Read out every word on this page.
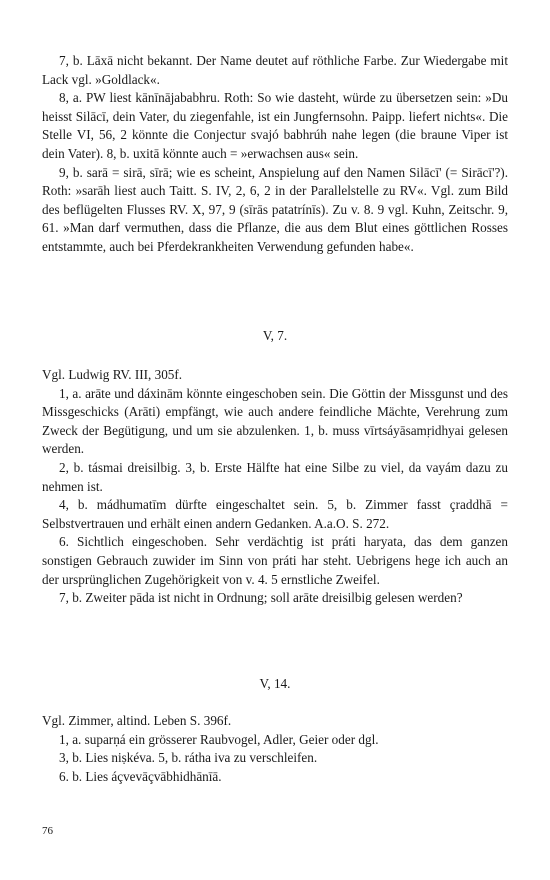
7, b. Lāxā nicht bekannt. Der Name deutet auf röthliche Farbe. Zur Wiedergabe mit Lack vgl. »Goldlack«.

8, a. PW liest kānīnājababhru. Roth: So wie dasteht, würde zu übersetzen sein: »Du heisst Silācī, dein Vater, du ziegenfahle, ist ein Jungfernsohn. Paipp. liefert nichts«. Die Stelle VI, 56, 2 könnte die Conjectur svajó babhrúh nahe legen (die braune Viper ist dein Vater). 8, b. uxitā könnte auch = »erwachsen aus« sein.

9, b. sarā = sirā, sīrā; wie es scheint, Anspielung auf den Namen Silācī' (= Sirācī'?). Roth: »sarāh liest auch Taitt. S. IV, 2, 6, 2 in der Parallelstelle zu RV«. Vgl. zum Bild des beflügelten Flusses RV. X, 97, 9 (sīrās patatrínīs). Zu v. 8. 9 vgl. Kuhn, Zeitschr. 9, 61. »Man darf vermuthen, dass die Pflanze, die aus dem Blut eines göttlichen Rosses entstammte, auch bei Pferdekrankheiten Verwendung gefunden habe«.

V, 7.

Vgl. Ludwig RV. III, 305f.

1, a. arāte und dáxinām könnte eingeschoben sein. Die Göttin der Missgunst und des Missgeschicks (Arāti) empfängt, wie auch andere feindliche Mächte, Verehrung zum Zweck der Begütigung, und um sie abzulenken. 1, b. muss vīrtsáyāsamṛidhyai gelesen werden.

2, b. tásmai dreisilbig. 3, b. Erste Hälfte hat eine Silbe zu viel, da vayám dazu zu nehmen ist.

4, b. mádhumatīm dürfte eingeschaltet sein. 5, b. Zimmer fasst çraddhā = Selbstvertrauen und erhält einen andern Gedanken. A.a.O. S. 272.

6. Sichtlich eingeschoben. Sehr verdächtig ist práti haryata, das dem ganzen sonstigen Gebrauch zuwider im Sinn von práti har steht. Uebrigens hege ich auch an der ursprünglichen Zugehörigkeit von v. 4. 5 ernstliche Zweifel.

7, b. Zweiter pāda ist nicht in Ordnung; soll arāte dreisilbig gelesen werden?

V, 14.

Vgl. Zimmer, altind. Leben S. 396f.

1, a. suparṇá ein grösserer Raubvogel, Adler, Geier oder dgl.

3, b. Lies niṣkéva. 5, b. rátha iva zu verschleifen.

6. b. Lies áçvevāçvābhidhānīā.

76
